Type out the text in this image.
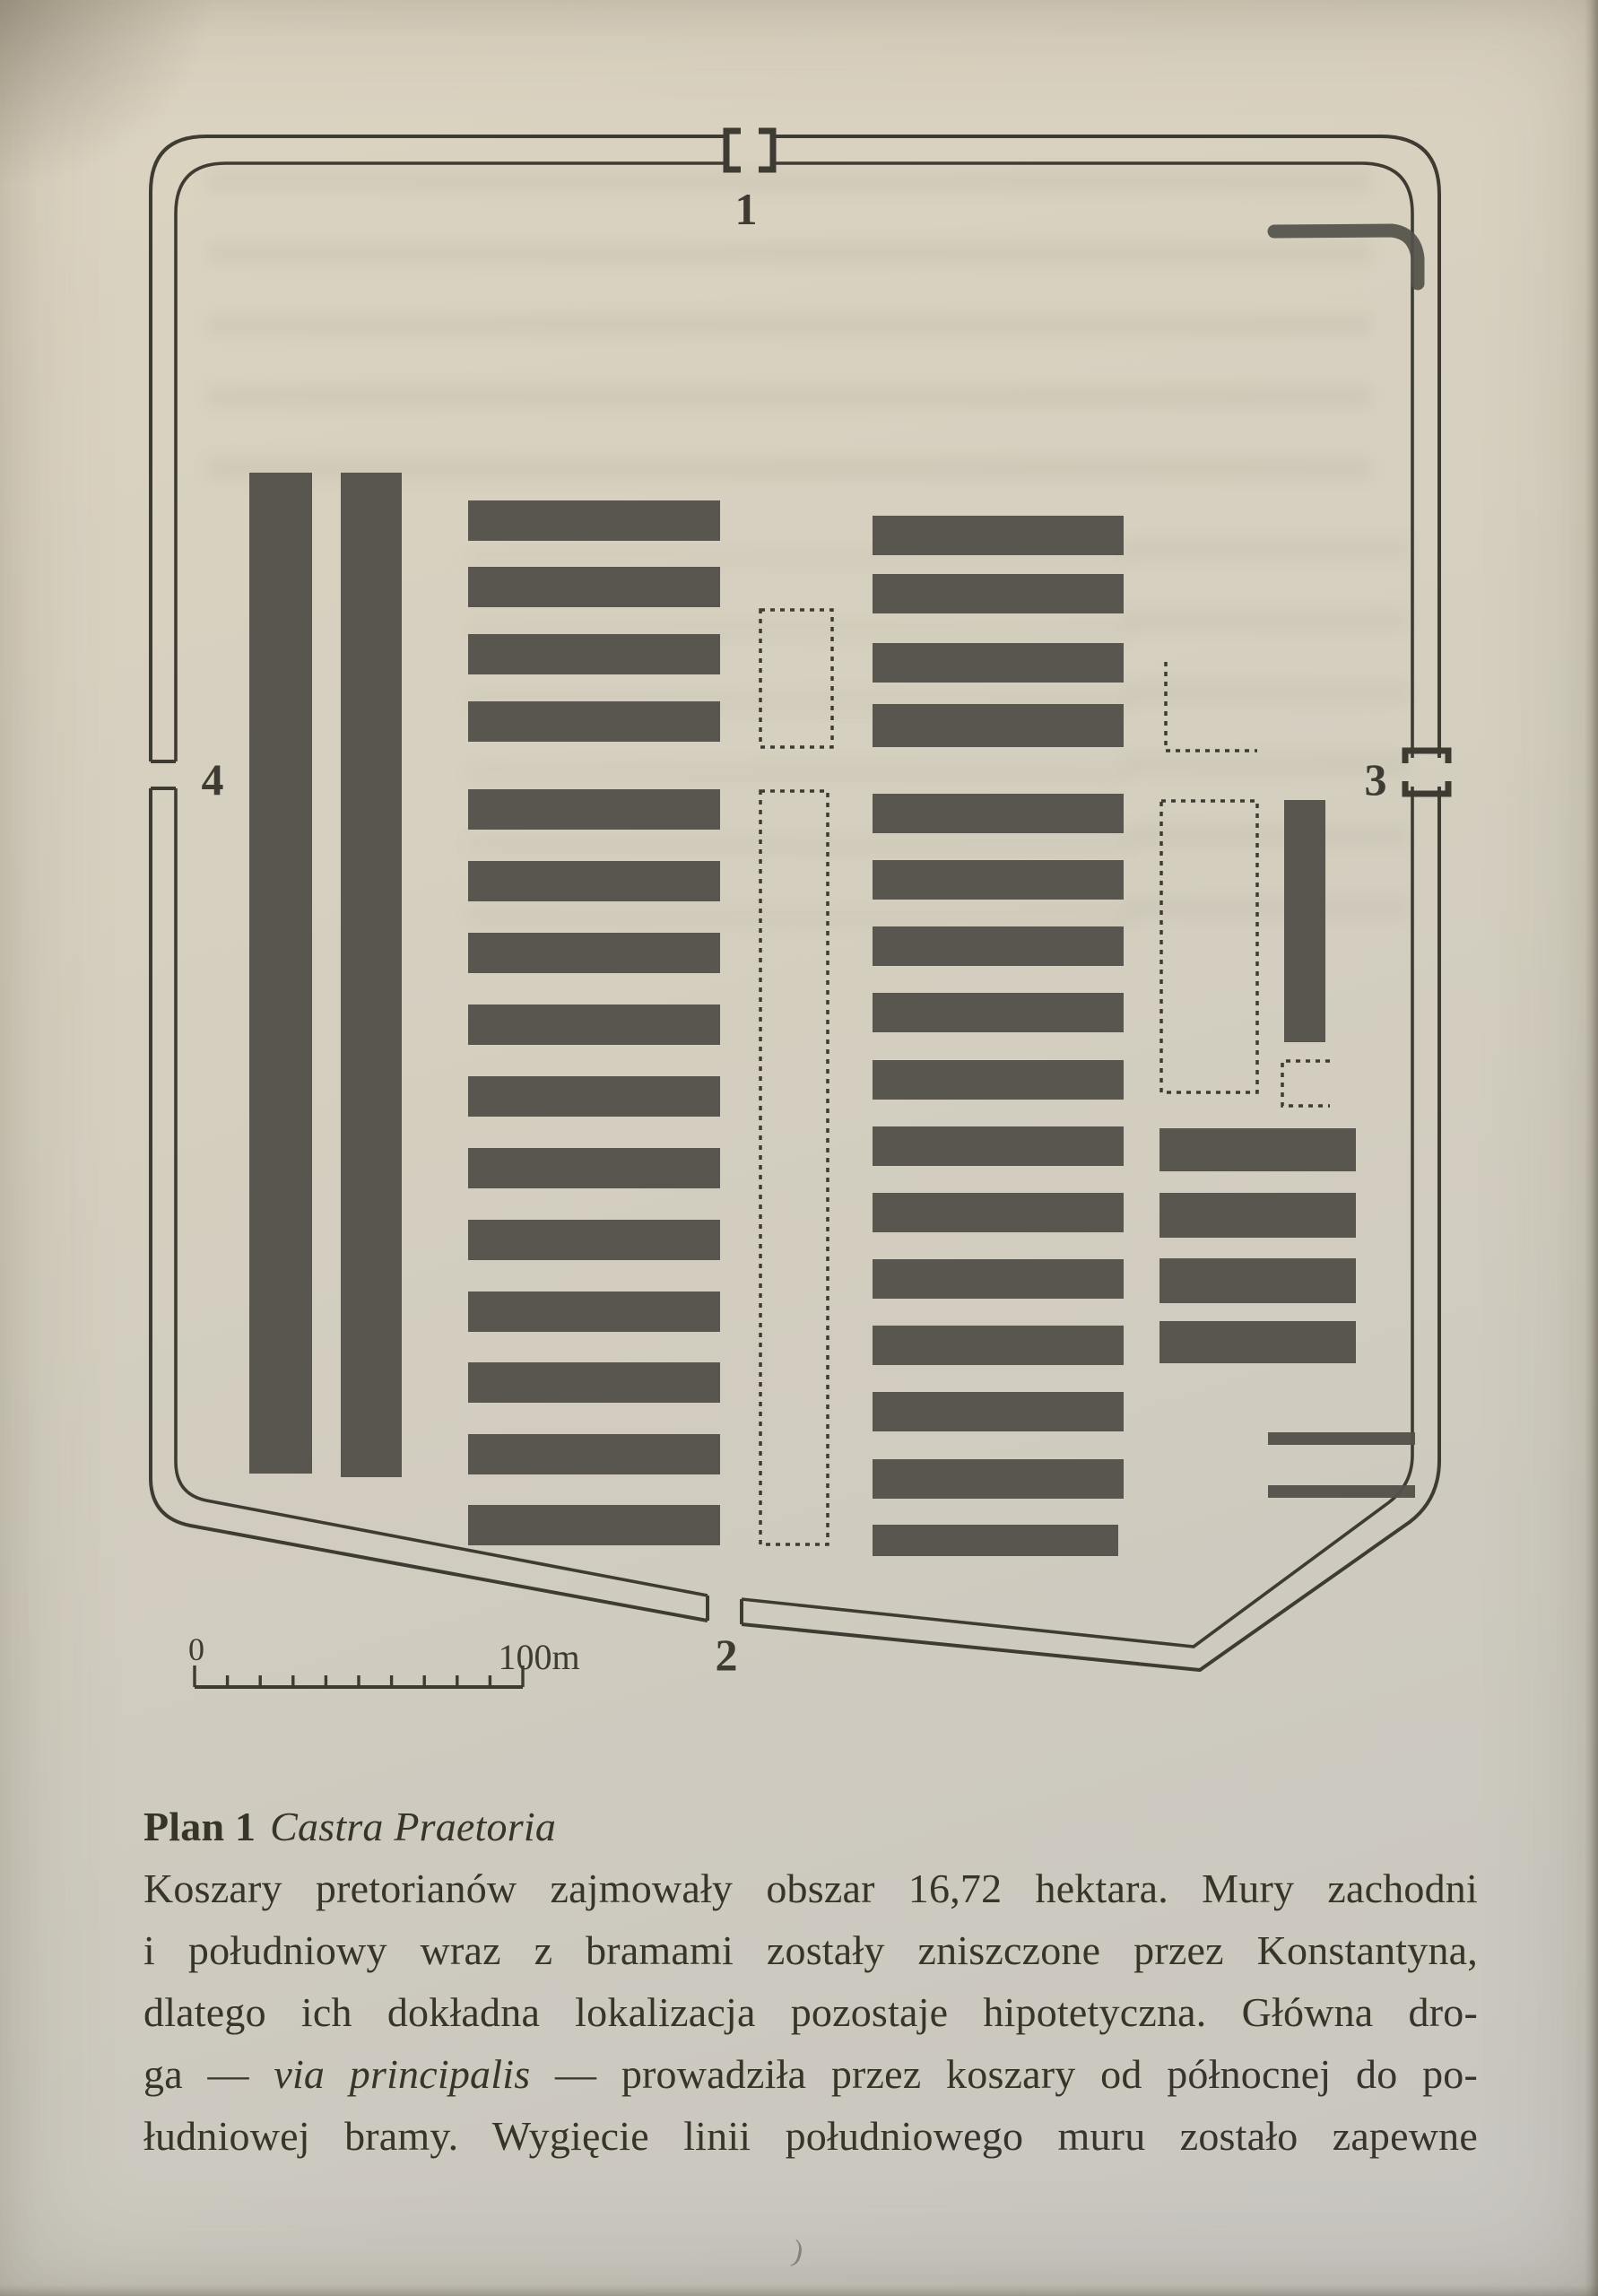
1
2
3
4
0	100m
Plan 1 Castra Praetoria
Koszary pretorianów zajmowały obszar 16,72 hektara. Mury zachodni
i południowy wraz z bramami zostały zniszczone przez Konstantyna,
dlatego ich dokładna lokalizacja pozostaje hipotetyczna. Główna dro-
ga — via principalis — prowadziła przez koszary od północnej do po-
łudniowej bramy. Wygięcie linii południowego muru zostało zapewne
)
